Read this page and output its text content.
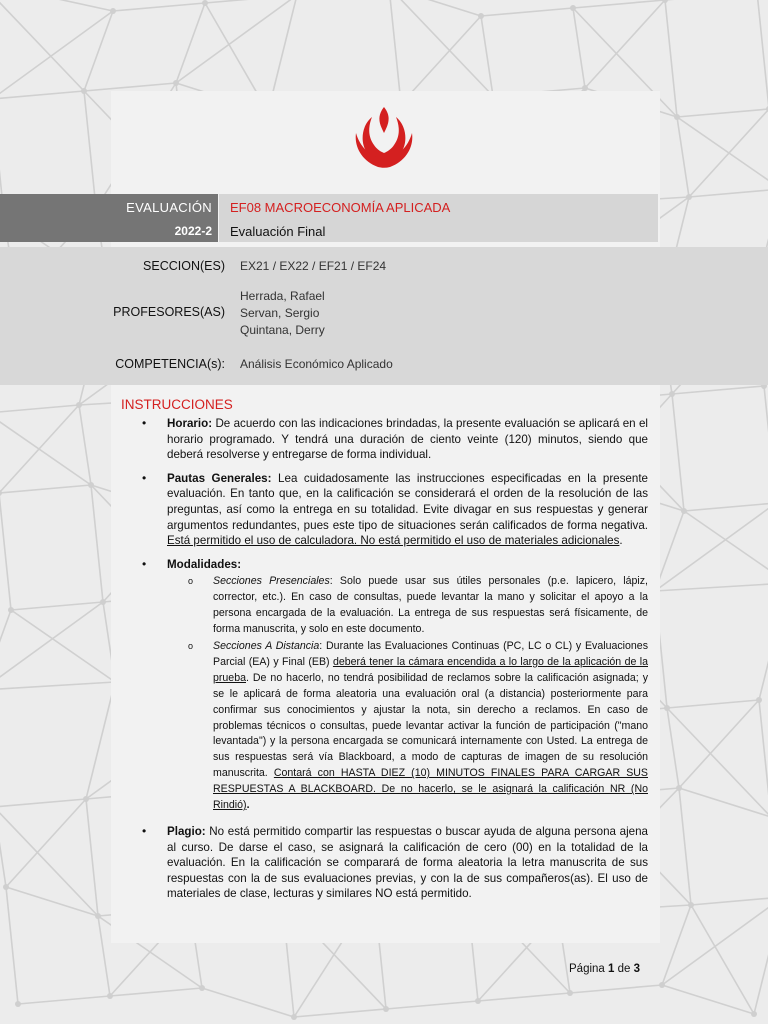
EVALUACIÓN
2022-2
EF08 MACROECONOMÍA APLICADA
Evaluación Final
SECCION(ES) EX21 / EX22 / EF21 / EF24
PROFESORES(AS)
Herrada, Rafael
Servan, Sergio
Quintana, Derry
COMPETENCIA(s): Análisis Económico Aplicado
INSTRUCCIONES
• Horario: De acuerdo con las indicaciones brindadas, la presente evaluación se aplicará en el horario programado. Y tendrá una duración de ciento veinte (120) minutos, siendo que deberá resolverse y entregarse de forma individual.
• Pautas Generales: Lea cuidadosamente las instrucciones especificadas en la presente evaluación. En tanto que, en la calificación se considerará el orden de la resolución de las preguntas, así como la entrega en su totalidad. Evite divagar en sus respuestas y generar argumentos redundantes, pues este tipo de situaciones serán calificados de forma negativa. Está permitido el uso de calculadora. No está permitido el uso de materiales adicionales.
• Modalidades:
o Secciones Presenciales: Solo puede usar sus útiles personales (p.e. lapicero, lápiz, corrector, etc.). En caso de consultas, puede levantar la mano y solicitar el apoyo a la persona encargada de la evaluación. La entrega de sus respuestas será físicamente, de forma manuscrita, y solo en este documento.
o Secciones A Distancia: Durante las Evaluaciones Continuas (PC, LC o CL) y Evaluaciones Parcial (EA) y Final (EB) deberá tener la cámara encendida a lo largo de la aplicación de la prueba. De no hacerlo, no tendrá posibilidad de reclamos sobre la calificación asignada; y se le aplicará de forma aleatoria una evaluación oral (a distancia) posteriormente para confirmar sus conocimientos y ajustar la nota, sin derecho a reclamos. En caso de problemas técnicos o consultas, puede levantar activar la función de participación ("mano levantada") y la persona encargada se comunicará internamente con Usted. La entrega de sus respuestas será vía Blackboard, a modo de capturas de imagen de su resolución manuscrita. Contará con HASTA DIEZ (10) MINUTOS FINALES PARA CARGAR SUS RESPUESTAS A BLACKBOARD. De no hacerlo, se le asignará la calificación NR (No Rindió).
• Plagio: No está permitido compartir las respuestas o buscar ayuda de alguna persona ajena al curso. De darse el caso, se asignará la calificación de cero (00) en la totalidad de la evaluación. En la calificación se comparará de forma aleatoria la letra manuscrita de sus respuestas con la de sus evaluaciones previas, y con la de sus compañeros(as). El uso de materiales de clase, lecturas y similares NO está permitido.
Página 1 de 3
